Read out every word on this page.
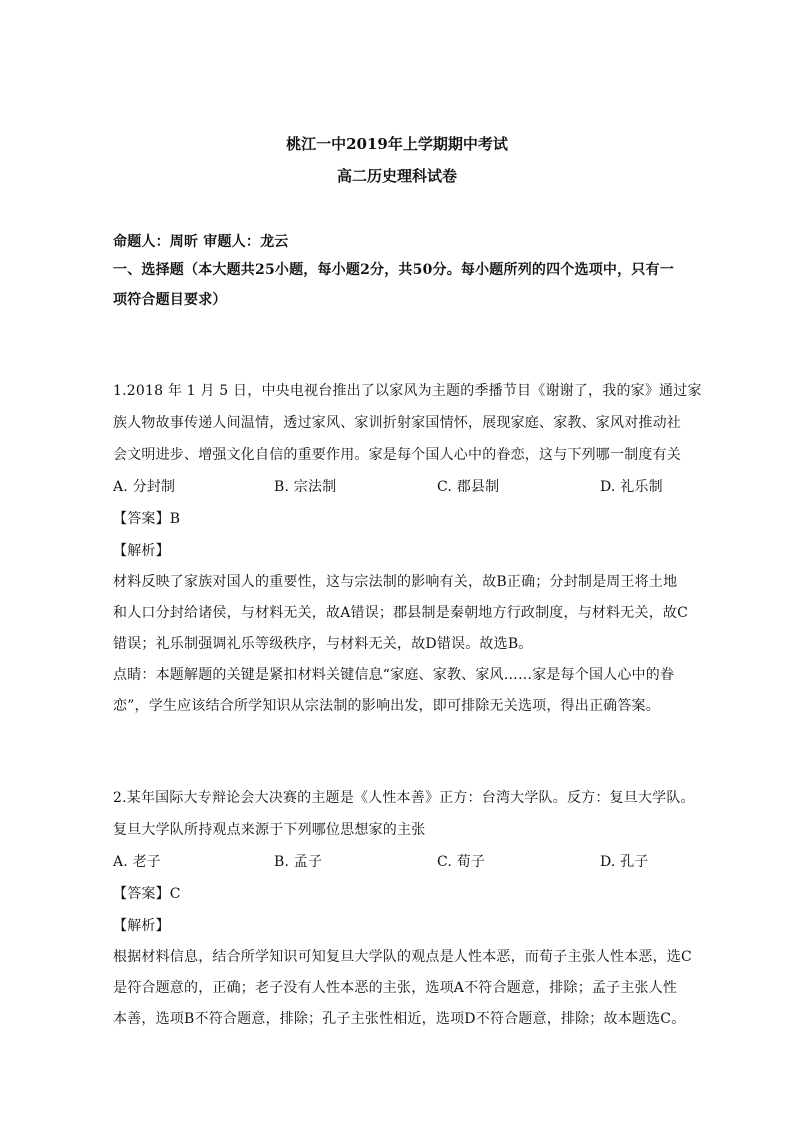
桃江一中2019年上学期期中考试
高二历史理科试卷
命题人：周昕 审题人：龙云
一、选择题（本大题共25小题，每小题2分，共50分。每小题所列的四个选项中，只有一
项符合题目要求）
1.2018 年 1 月 5 日，中央电视台推出了以家风为主题的季播节目《谢谢了，我的家》通过家
族人物故事传递人间温情，透过家风、家训折射家国情怀，展现家庭、家教、家风对推动社
会文明进步、增强文化自信的重要作用。家是每个国人心中的眷恋，这与下列哪一制度有关
A. 分封制	B. 宗法制	C. 郡县制	D. 礼乐制
【答案】B
【解析】
材料反映了家族对国人的重要性，这与宗法制的影响有关，故B正确；分封制是周王将土地
和人口分封给诸侯，与材料无关，故A错误；郡县制是秦朝地方行政制度，与材料无关，故C
错误；礼乐制强调礼乐等级秩序，与材料无关，故D错误。故选B。
点睛：本题解题的关键是紧扣材料关键信息“家庭、家教、家风……家是每个国人心中的眷
恋”，学生应该结合所学知识从宗法制的影响出发，即可排除无关选项，得出正确答案。
2.某年国际大专辩论会大决赛的主题是《人性本善》正方：台湾大学队。反方：复旦大学队。
复旦大学队所持观点来源于下列哪位思想家的主张
A. 老子	B. 孟子	C. 荀子	D. 孔子
【答案】C
【解析】
根据材料信息，结合所学知识可知复旦大学队的观点是人性本恶，而荀子主张人性本恶，选C
是符合题意的，正确；老子没有人性本恶的主张，选项A不符合题意，排除；孟子主张人性
本善，选项B不符合题意，排除；孔子主张性相近，选项D不符合题意，排除；故本题选C。
